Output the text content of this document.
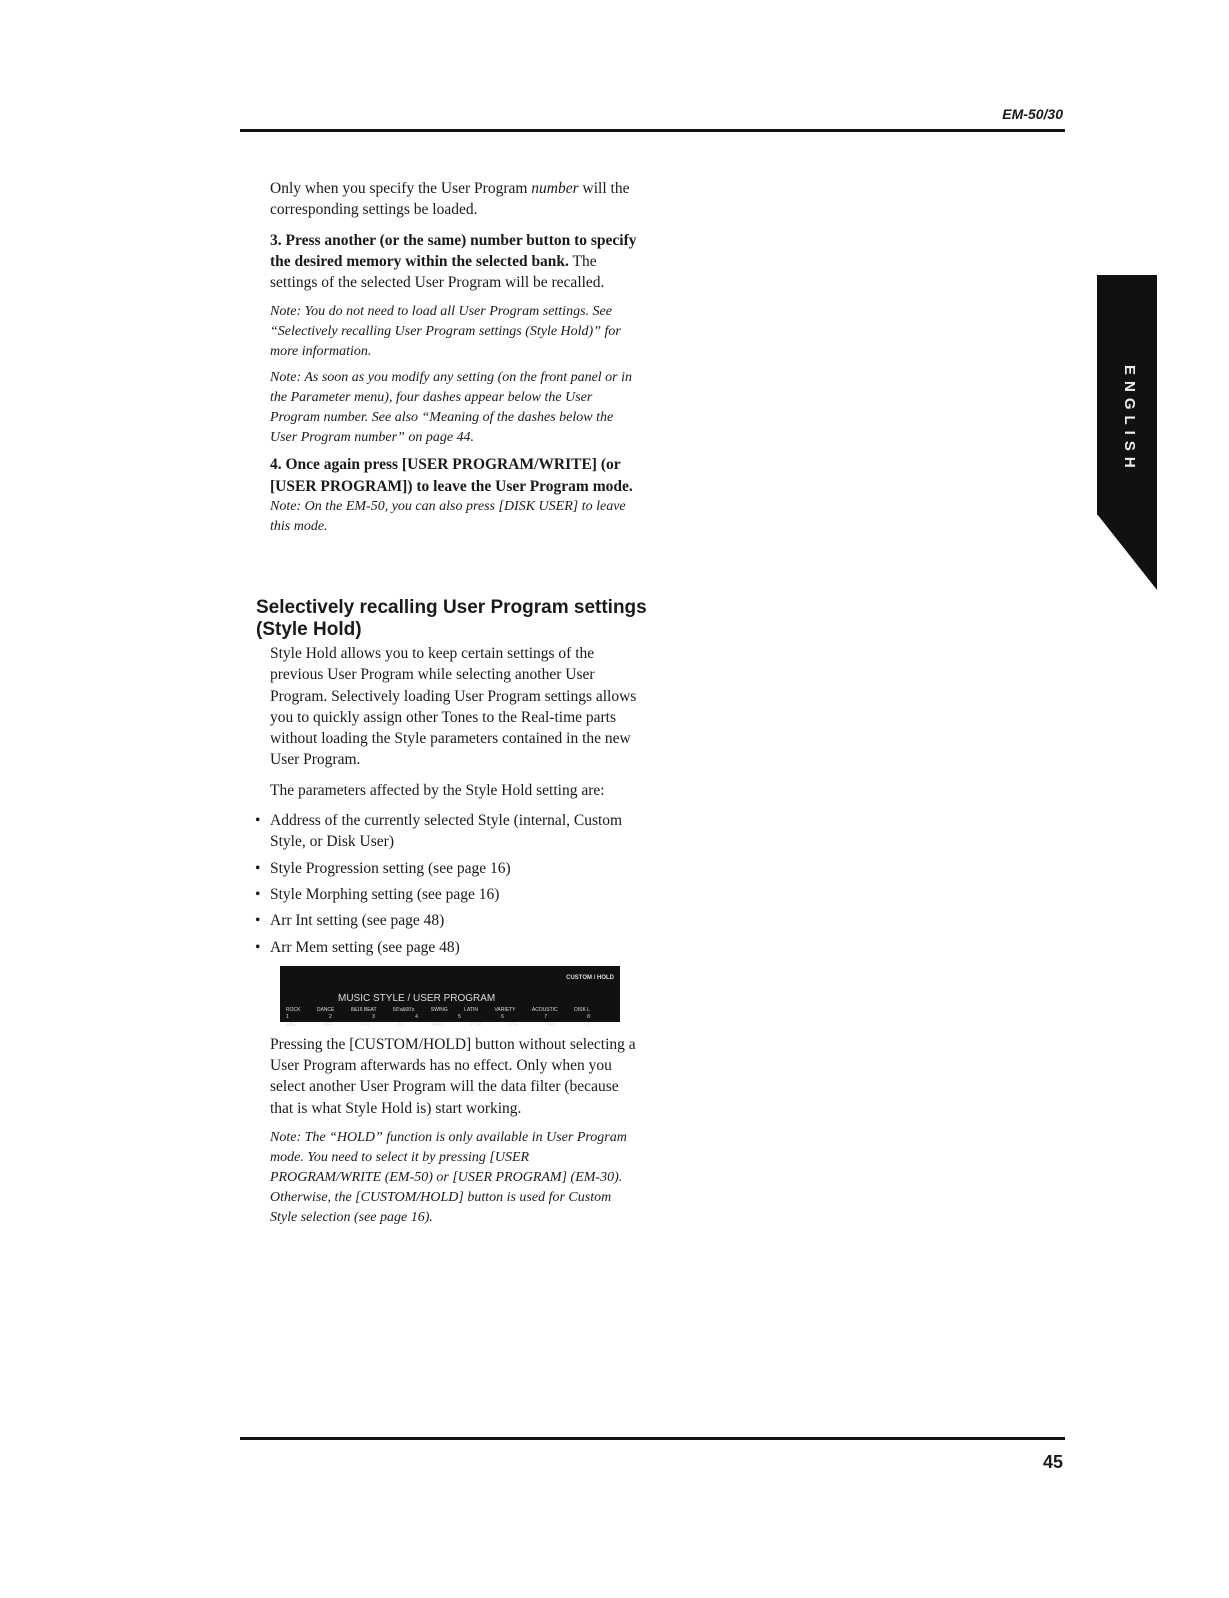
EM-50/30
ENGLISH

Only when you specify the User Program number will the corresponding settings be loaded.

3. Press another (or the same) number button to specify the desired memory within the selected bank. The settings of the selected User Program will be recalled.

Note: You do not need to load all User Program settings. See “Selectively recalling User Program settings (Style Hold)” for more information.

Note: As soon as you modify any setting (on the front panel or in the Parameter menu), four dashes appear below the User Program number. See also “Meaning of the dashes below the User Program number” on page 44.

4. Once again press [USER PROGRAM/WRITE] (or [USER PROGRAM]) to leave the User Program mode.

Note: On the EM-50, you can also press [DISK USER] to leave this mode.

Selectively recalling User Program settings (Style Hold)

Style Hold allows you to keep certain settings of the previous User Program while selecting another User Program. Selectively loading User Program settings allows you to quickly assign other Tones to the Real-time parts without loading the Style parameters contained in the new User Program.

The parameters affected by the Style Hold setting are:

• Address of the currently selected Style (internal, Custom Style, or Disk User)
• Style Progression setting (see page 16)
• Style Morphing setting (see page 16)
• Arr Int setting (see page 48)
• Arr Mem setting (see page 48)
CUSTOM / HOLD
MUSIC STYLE / USER PROGRAM
ROCK	DANCE	8&16 BEAT	50's&60's	SWING	LATIN	VARIETY	ACOUSTIC	DISK L
1	2	3	4	5	6	7	8
ABC	DEF	GHI	JKL	MNO	PQR	STU	VWX	YZ

Pressing the [CUSTOM/HOLD] button without selecting a User Program afterwards has no effect. Only when you select another User Program will the data filter (because that is what Style Hold is) start working.

Note: The “HOLD” function is only available in User Program mode. You need to select it by pressing [USER PROGRAM/WRITE (EM-50) or [USER PROGRAM] (EM-30). Otherwise, the [CUSTOM/HOLD] button is used for Custom Style selection (see page 16).

45
